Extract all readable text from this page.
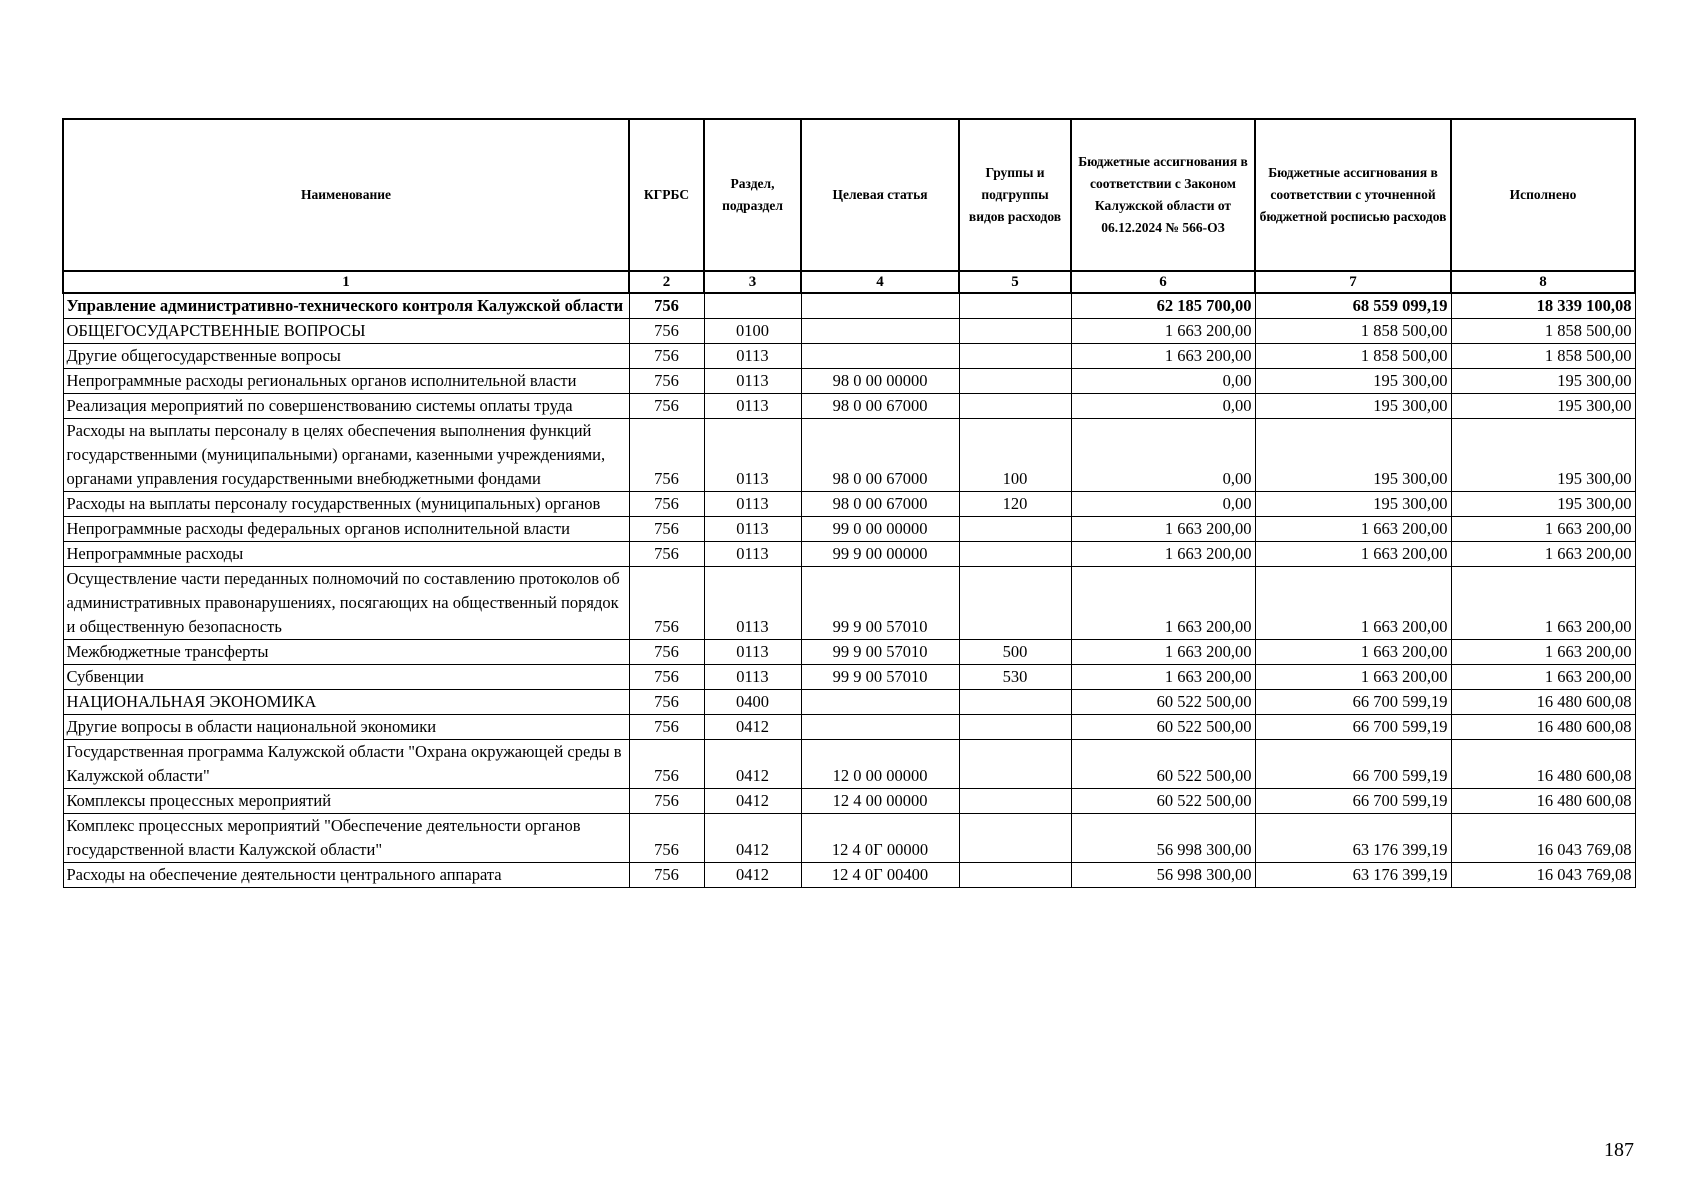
Наименование	КГРБС	Раздел, подраздел	Целевая статья	Группы и подгруппы видов расходов	Бюджетные ассигнования в соответствии с Законом Калужской области от 06.12.2024 № 566-ОЗ	Бюджетные ассигнования в соответствии с уточненной бюджетной росписью расходов	Исполнено
1	2	3	4	5	6	7	8
Управление административно-технического контроля Калужской области	756				62 185 700,00	68 559 099,19	18 339 100,08
ОБЩЕГОСУДАРСТВЕННЫЕ ВОПРОСЫ	756	0100			1 663 200,00	1 858 500,00	1 858 500,00
Другие общегосударственные вопросы	756	0113			1 663 200,00	1 858 500,00	1 858 500,00
Непрограммные расходы региональных органов исполнительной власти	756	0113	98 0 00 00000		0,00	195 300,00	195 300,00
Реализация мероприятий по совершенствованию системы оплаты труда	756	0113	98 0 00 67000		0,00	195 300,00	195 300,00
Расходы на выплаты персоналу в целях обеспечения выполнения функций государственными (муниципальными) органами, казенными учреждениями, органами управления государственными внебюджетными фондами	756	0113	98 0 00 67000	100	0,00	195 300,00	195 300,00
Расходы на выплаты персоналу государственных (муниципальных) органов	756	0113	98 0 00 67000	120	0,00	195 300,00	195 300,00
Непрограммные расходы федеральных органов исполнительной власти	756	0113	99 0 00 00000		1 663 200,00	1 663 200,00	1 663 200,00
Непрограммные расходы	756	0113	99 9 00 00000		1 663 200,00	1 663 200,00	1 663 200,00
Осуществление части переданных полномочий по составлению протоколов об административных правонарушениях, посягающих на общественный порядок и общественную безопасность	756	0113	99 9 00 57010		1 663 200,00	1 663 200,00	1 663 200,00
Межбюджетные трансферты	756	0113	99 9 00 57010	500	1 663 200,00	1 663 200,00	1 663 200,00
Субвенции	756	0113	99 9 00 57010	530	1 663 200,00	1 663 200,00	1 663 200,00
НАЦИОНАЛЬНАЯ ЭКОНОМИКА	756	0400			60 522 500,00	66 700 599,19	16 480 600,08
Другие вопросы в области национальной экономики	756	0412			60 522 500,00	66 700 599,19	16 480 600,08
Государственная программа Калужской области "Охрана окружающей среды в Калужской области"	756	0412	12 0 00 00000		60 522 500,00	66 700 599,19	16 480 600,08
Комплексы процессных мероприятий	756	0412	12 4 00 00000		60 522 500,00	66 700 599,19	16 480 600,08
Комплекс процессных мероприятий "Обеспечение деятельности органов государственной власти Калужской области"	756	0412	12 4 0Г 00000		56 998 300,00	63 176 399,19	16 043 769,08
Расходы на обеспечение деятельности центрального аппарата	756	0412	12 4 0Г 00400		56 998 300,00	63 176 399,19	16 043 769,08
187
